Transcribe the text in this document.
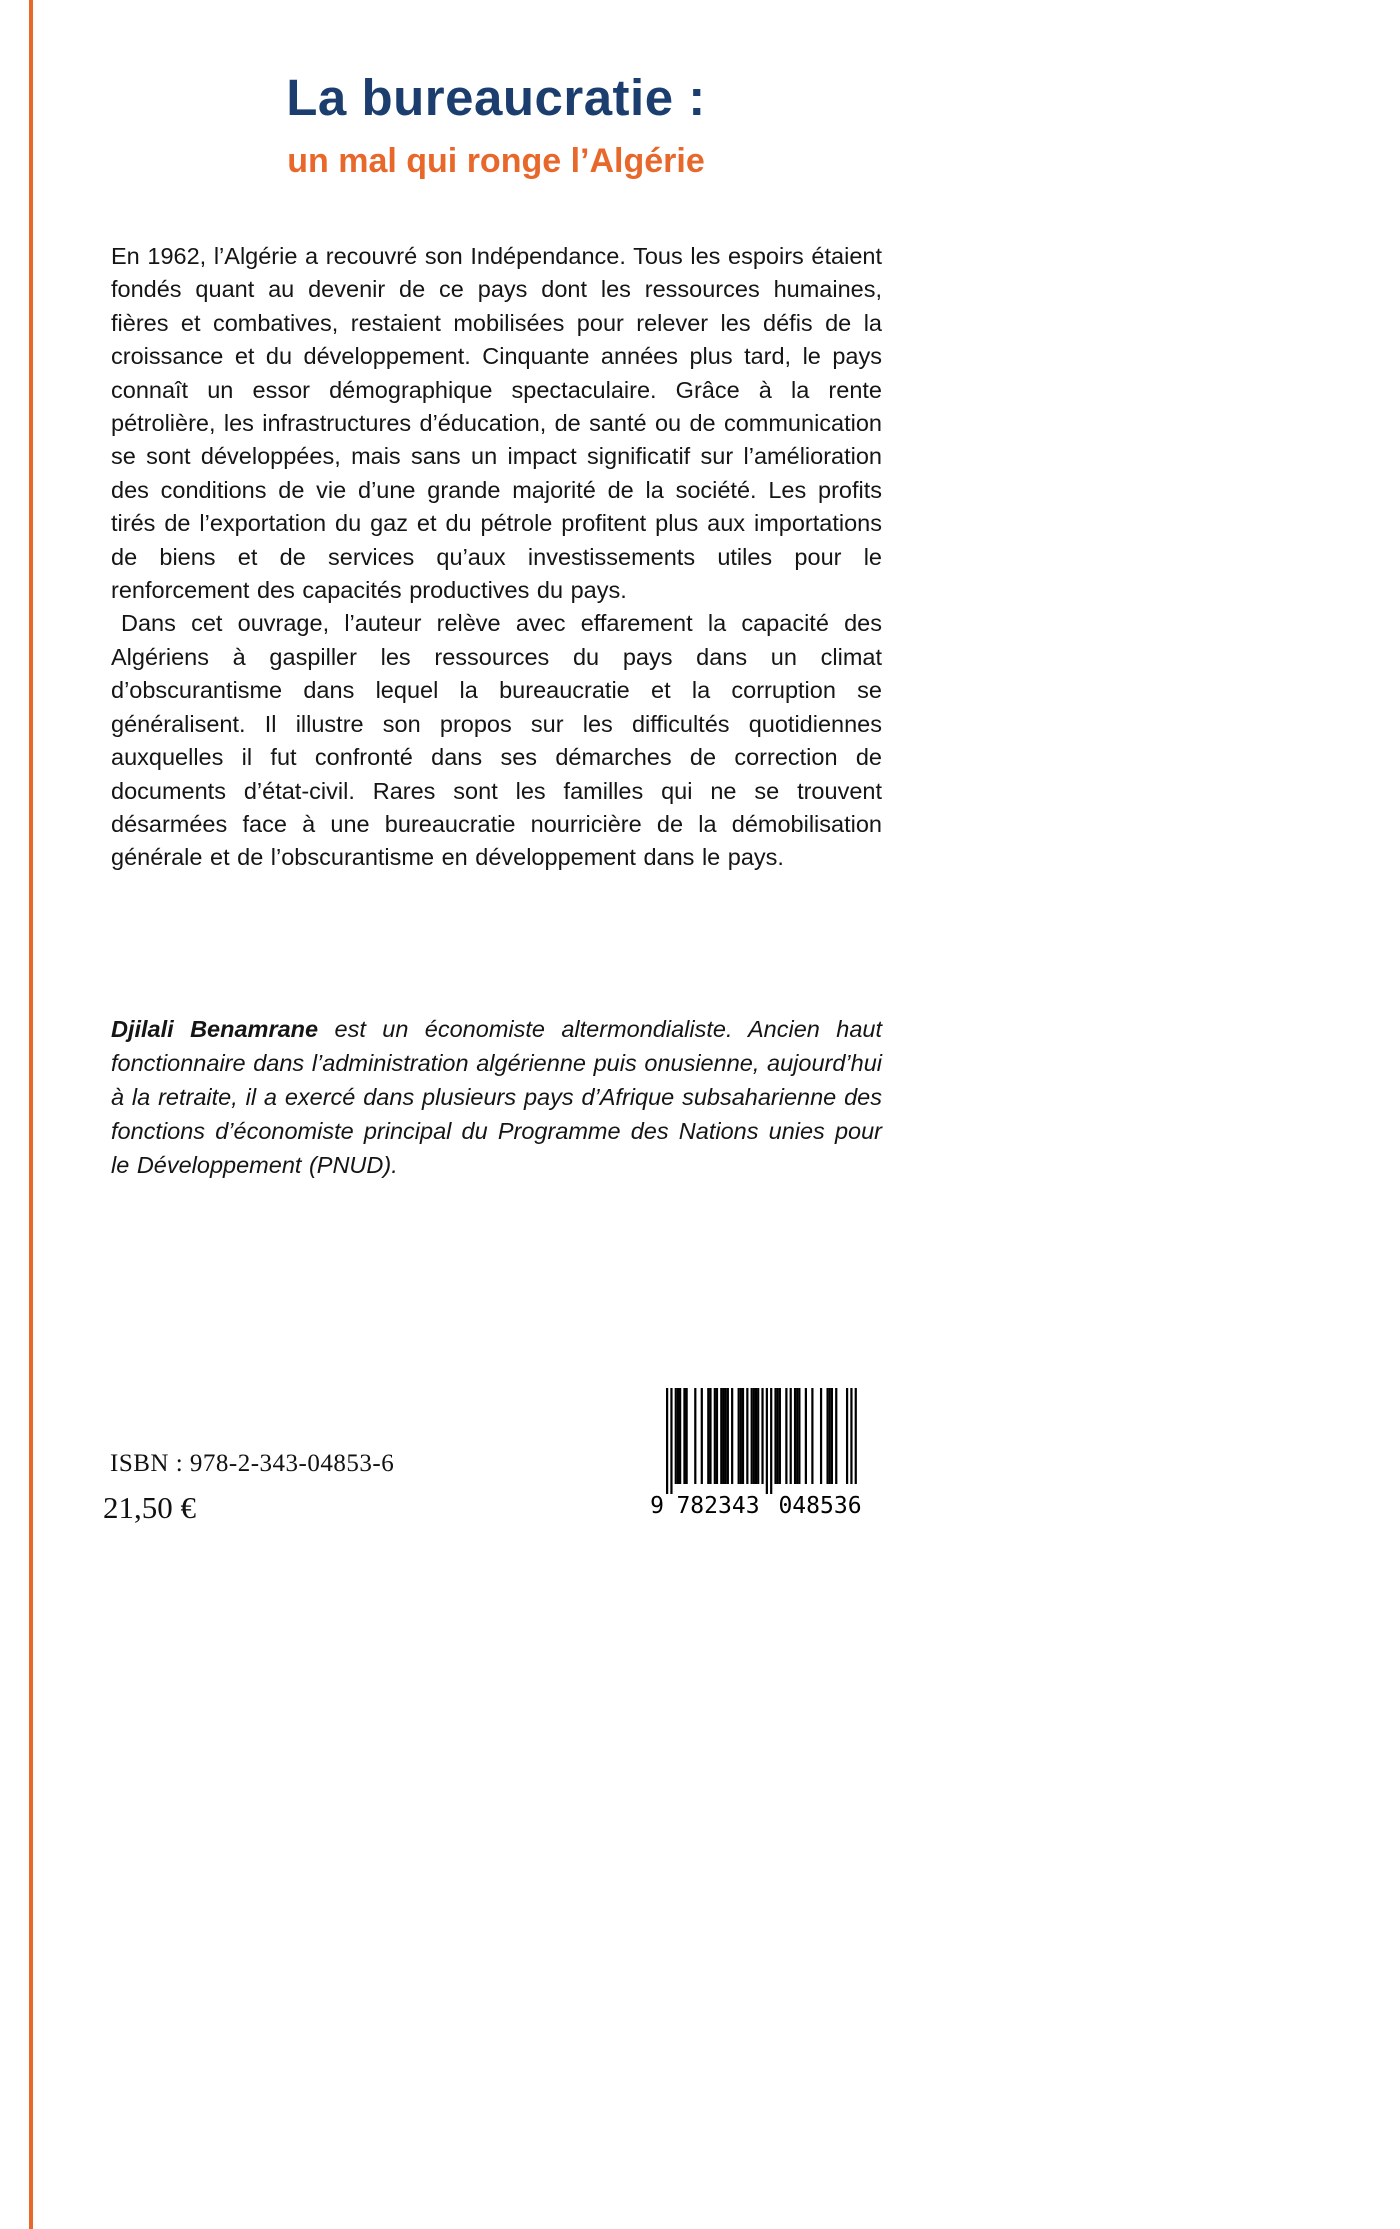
La bureaucratie :
un mal qui ronge l’Algérie

En 1962, l’Algérie a recouvré son Indépendance. Tous les espoirs étaient fondés quant au devenir de ce pays dont les ressources humaines, fières et combatives, restaient mobilisées pour relever les défis de la croissance et du développement. Cinquante années plus tard, le pays connaît un essor démographique spectaculaire. Grâce à la rente pétrolière, les infrastructures d’éducation, de santé ou de communication se sont développées, mais sans un impact significatif sur l’amélioration des conditions de vie d’une grande majorité de la société. Les profits tirés de l’exportation du gaz et du pétrole profitent plus aux importations de biens et de services qu’aux investissements utiles pour le renforcement des capacités productives du pays.

Dans cet ouvrage, l’auteur relève avec effarement la capacité des Algériens à gaspiller les ressources du pays dans un climat d’obscurantisme dans lequel la bureaucratie et la corruption se généralisent. Il illustre son propos sur les difficultés quotidiennes auxquelles il fut confronté dans ses démarches de correction de documents d’état-civil. Rares sont les familles qui ne se trouvent désarmées face à une bureaucratie nourricière de la démobilisation générale et de l’obscurantisme en développement dans le pays.

Djilali Benamrane est un économiste altermondialiste. Ancien haut fonctionnaire dans l’administration algérienne puis onusienne, aujourd’hui à la retraite, il a exercé dans plusieurs pays d’Afrique subsaharienne des fonctions d’économiste principal du Programme des Nations unies pour le Développement (PNUD).

ISBN : 978-2-343-04853-6
21,50 €	9 782343 048536
